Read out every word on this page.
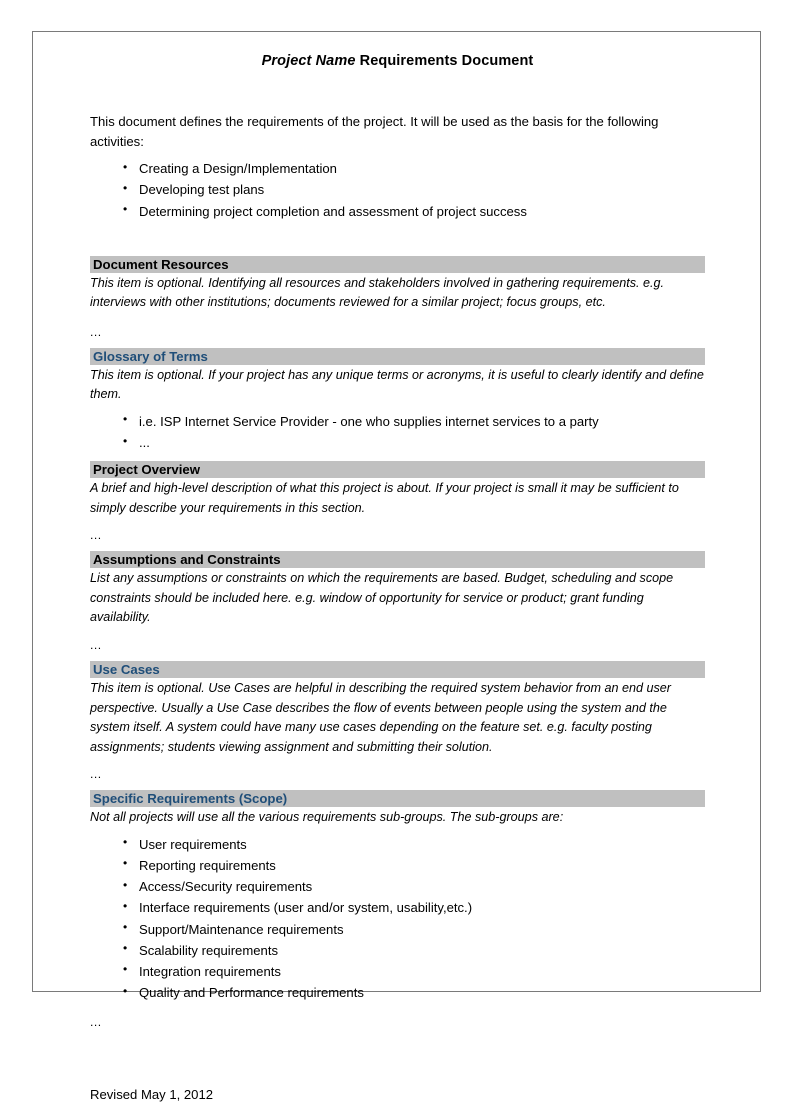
Project Name Requirements Document
This document defines the requirements of the project. It will be used as the basis for the following activities:
• Creating a Design/Implementation
• Developing test plans
• Determining project completion and assessment of project success
Document Resources
This item is optional. Identifying all resources and stakeholders involved in gathering requirements. e.g. interviews with other institutions; documents reviewed for a similar project; focus groups, etc.
...
Glossary of Terms
This item is optional. If your project has any unique terms or acronyms, it is useful to clearly identify and define them.
• i.e. ISP Internet Service Provider - one who supplies internet services to a party
• ...
Project Overview
A brief and high-level description of what this project is about. If your project is small it may be sufficient to simply describe your requirements in this section.
...
Assumptions and Constraints
List any assumptions or constraints on which the requirements are based. Budget, scheduling and scope constraints should be included here. e.g. window of opportunity for service or product; grant funding availability.
...
Use Cases
This item is optional. Use Cases are helpful in describing the required system behavior from an end user perspective. Usually a Use Case describes the flow of events between people using the system and the system itself. A system could have many use cases depending on the feature set. e.g. faculty posting assignments; students viewing assignment and submitting their solution.
...
Specific Requirements (Scope)
Not all projects will use all the various requirements sub-groups. The sub-groups are:
• User requirements
• Reporting requirements
• Access/Security requirements
• Interface requirements (user and/or system, usability,etc.)
• Support/Maintenance requirements
• Scalability requirements
• Integration requirements
• Quality and Performance requirements
...
Revised May 1, 2012
